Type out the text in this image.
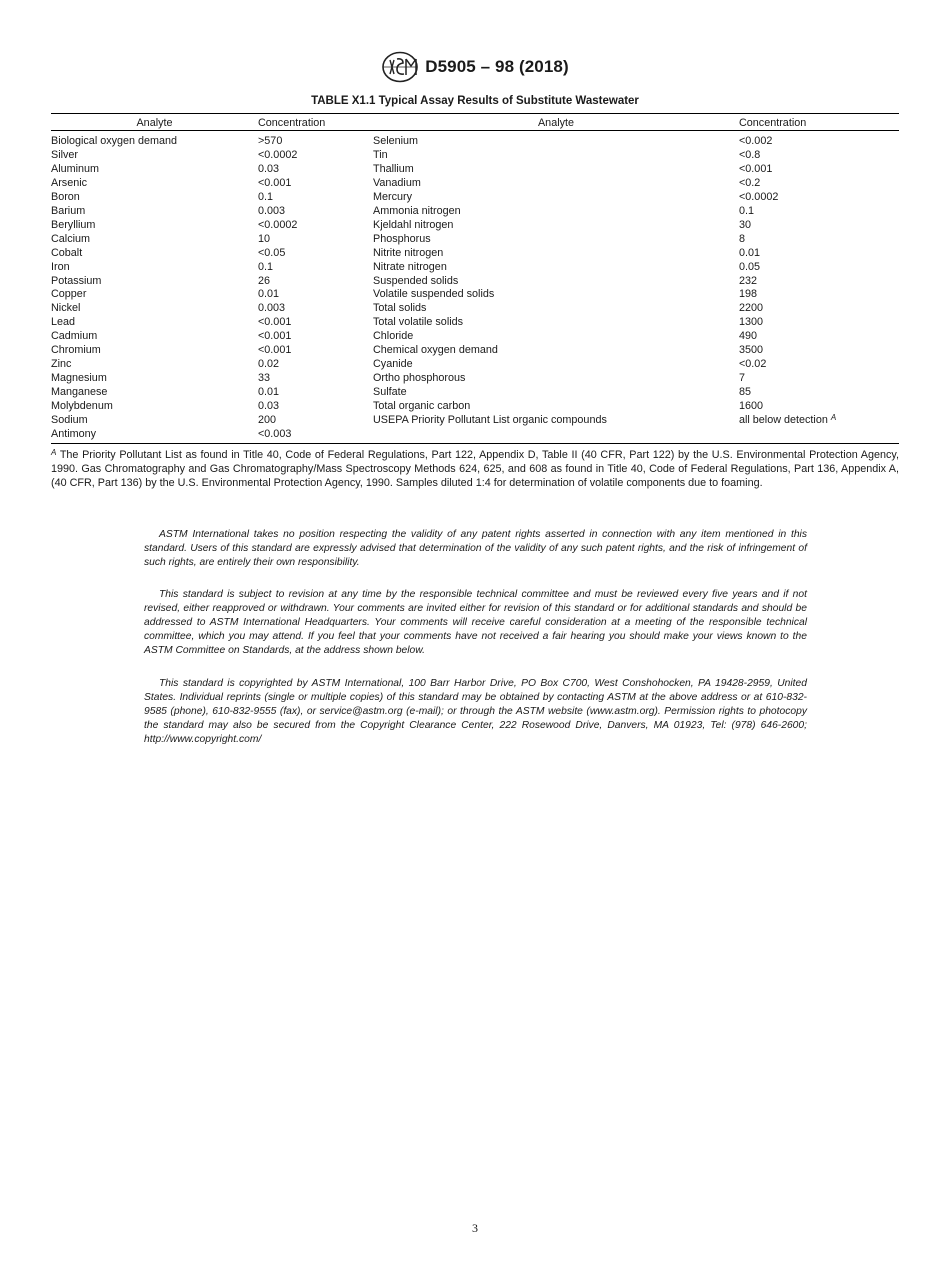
D5905 – 98 (2018)
TABLE X1.1 Typical Assay Results of Substitute Wastewater
Analyte	Concentration	Analyte	Concentration
Biological oxygen demand	>570	Selenium	<0.002
Silver	<0.0002	Tin	<0.8
Aluminum	0.03	Thallium	<0.001
Arsenic	<0.001	Vanadium	<0.2
Boron	0.1	Mercury	<0.0002
Barium	0.003	Ammonia nitrogen	0.1
Beryllium	<0.0002	Kjeldahl nitrogen	30
Calcium	10	Phosphorus	8
Cobalt	<0.05	Nitrite nitrogen	0.01
Iron	0.1	Nitrate nitrogen	0.05
Potassium	26	Suspended solids	232
Copper	0.01	Volatile suspended solids	198
Nickel	0.003	Total solids	2200
Lead	<0.001	Total volatile solids	1300
Cadmium	<0.001	Chloride	490
Chromium	<0.001	Chemical oxygen demand	3500
Zinc	0.02	Cyanide	<0.02
Magnesium	33	Ortho phosphorous	7
Manganese	0.01	Sulfate	85
Molybdenum	0.03	Total organic carbon	1600
Sodium	200	USEPA Priority Pollutant List organic compounds	all below detection $^A$
Antimony	<0.003		

$^A$ The Priority Pollutant List as found in Title 40, Code of Federal Regulations, Part 122, Appendix D, Table II (40 CFR, Part 122) by the U.S. Environmental Protection Agency, 1990. Gas Chromatography and Gas Chromatography/Mass Spectroscopy Methods 624, 625, and 608 as found in Title 40, Code of Federal Regulations, Part 136, Appendix A, (40 CFR, Part 136) by the U.S. Environmental Protection Agency, 1990. Samples diluted 1:4 for determination of volatile components due to foaming.

ASTM International takes no position respecting the validity of any patent rights asserted in connection with any item mentioned in this standard. Users of this standard are expressly advised that determination of the validity of any such patent rights, and the risk of infringement of such rights, are entirely their own responsibility.

This standard is subject to revision at any time by the responsible technical committee and must be reviewed every five years and if not revised, either reapproved or withdrawn. Your comments are invited either for revision of this standard or for additional standards and should be addressed to ASTM International Headquarters. Your comments will receive careful consideration at a meeting of the responsible technical committee, which you may attend. If you feel that your comments have not received a fair hearing you should make your views known to the ASTM Committee on Standards, at the address shown below.

This standard is copyrighted by ASTM International, 100 Barr Harbor Drive, PO Box C700, West Conshohocken, PA 19428-2959, United States. Individual reprints (single or multiple copies) of this standard may be obtained by contacting ASTM at the above address or at 610-832-9585 (phone), 610-832-9555 (fax), or service@astm.org (e-mail); or through the ASTM website (www.astm.org). Permission rights to photocopy the standard may also be secured from the Copyright Clearance Center, 222 Rosewood Drive, Danvers, MA 01923, Tel: (978) 646-2600; http://www.copyright.com/

3
